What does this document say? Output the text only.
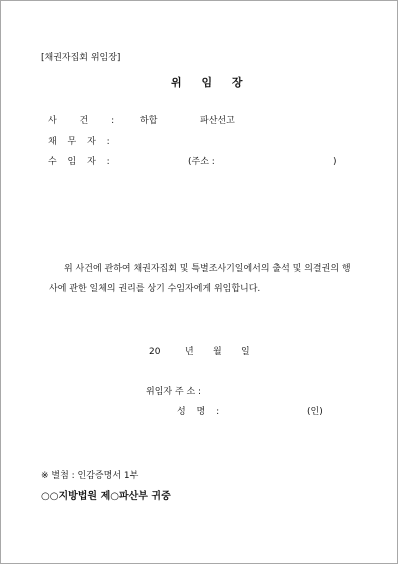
[채권자집회 위임장]
위 임 장
사 건 :	하합	파산선고
채 무 자 :
수 임 자 :	(주소 :	)
위 사건에 관하여 채권자집회 및 특별조사기일에서의 출석 및 의결권의 행
사에 관한 일체의 권리를 상기 수임자에게 위임합니다.
20	년 월 일
위임자 주 소 :
성 명 :	(인)
※ 별첨 : 인감증명서 1부
○○지방법원 제○파산부 귀중
